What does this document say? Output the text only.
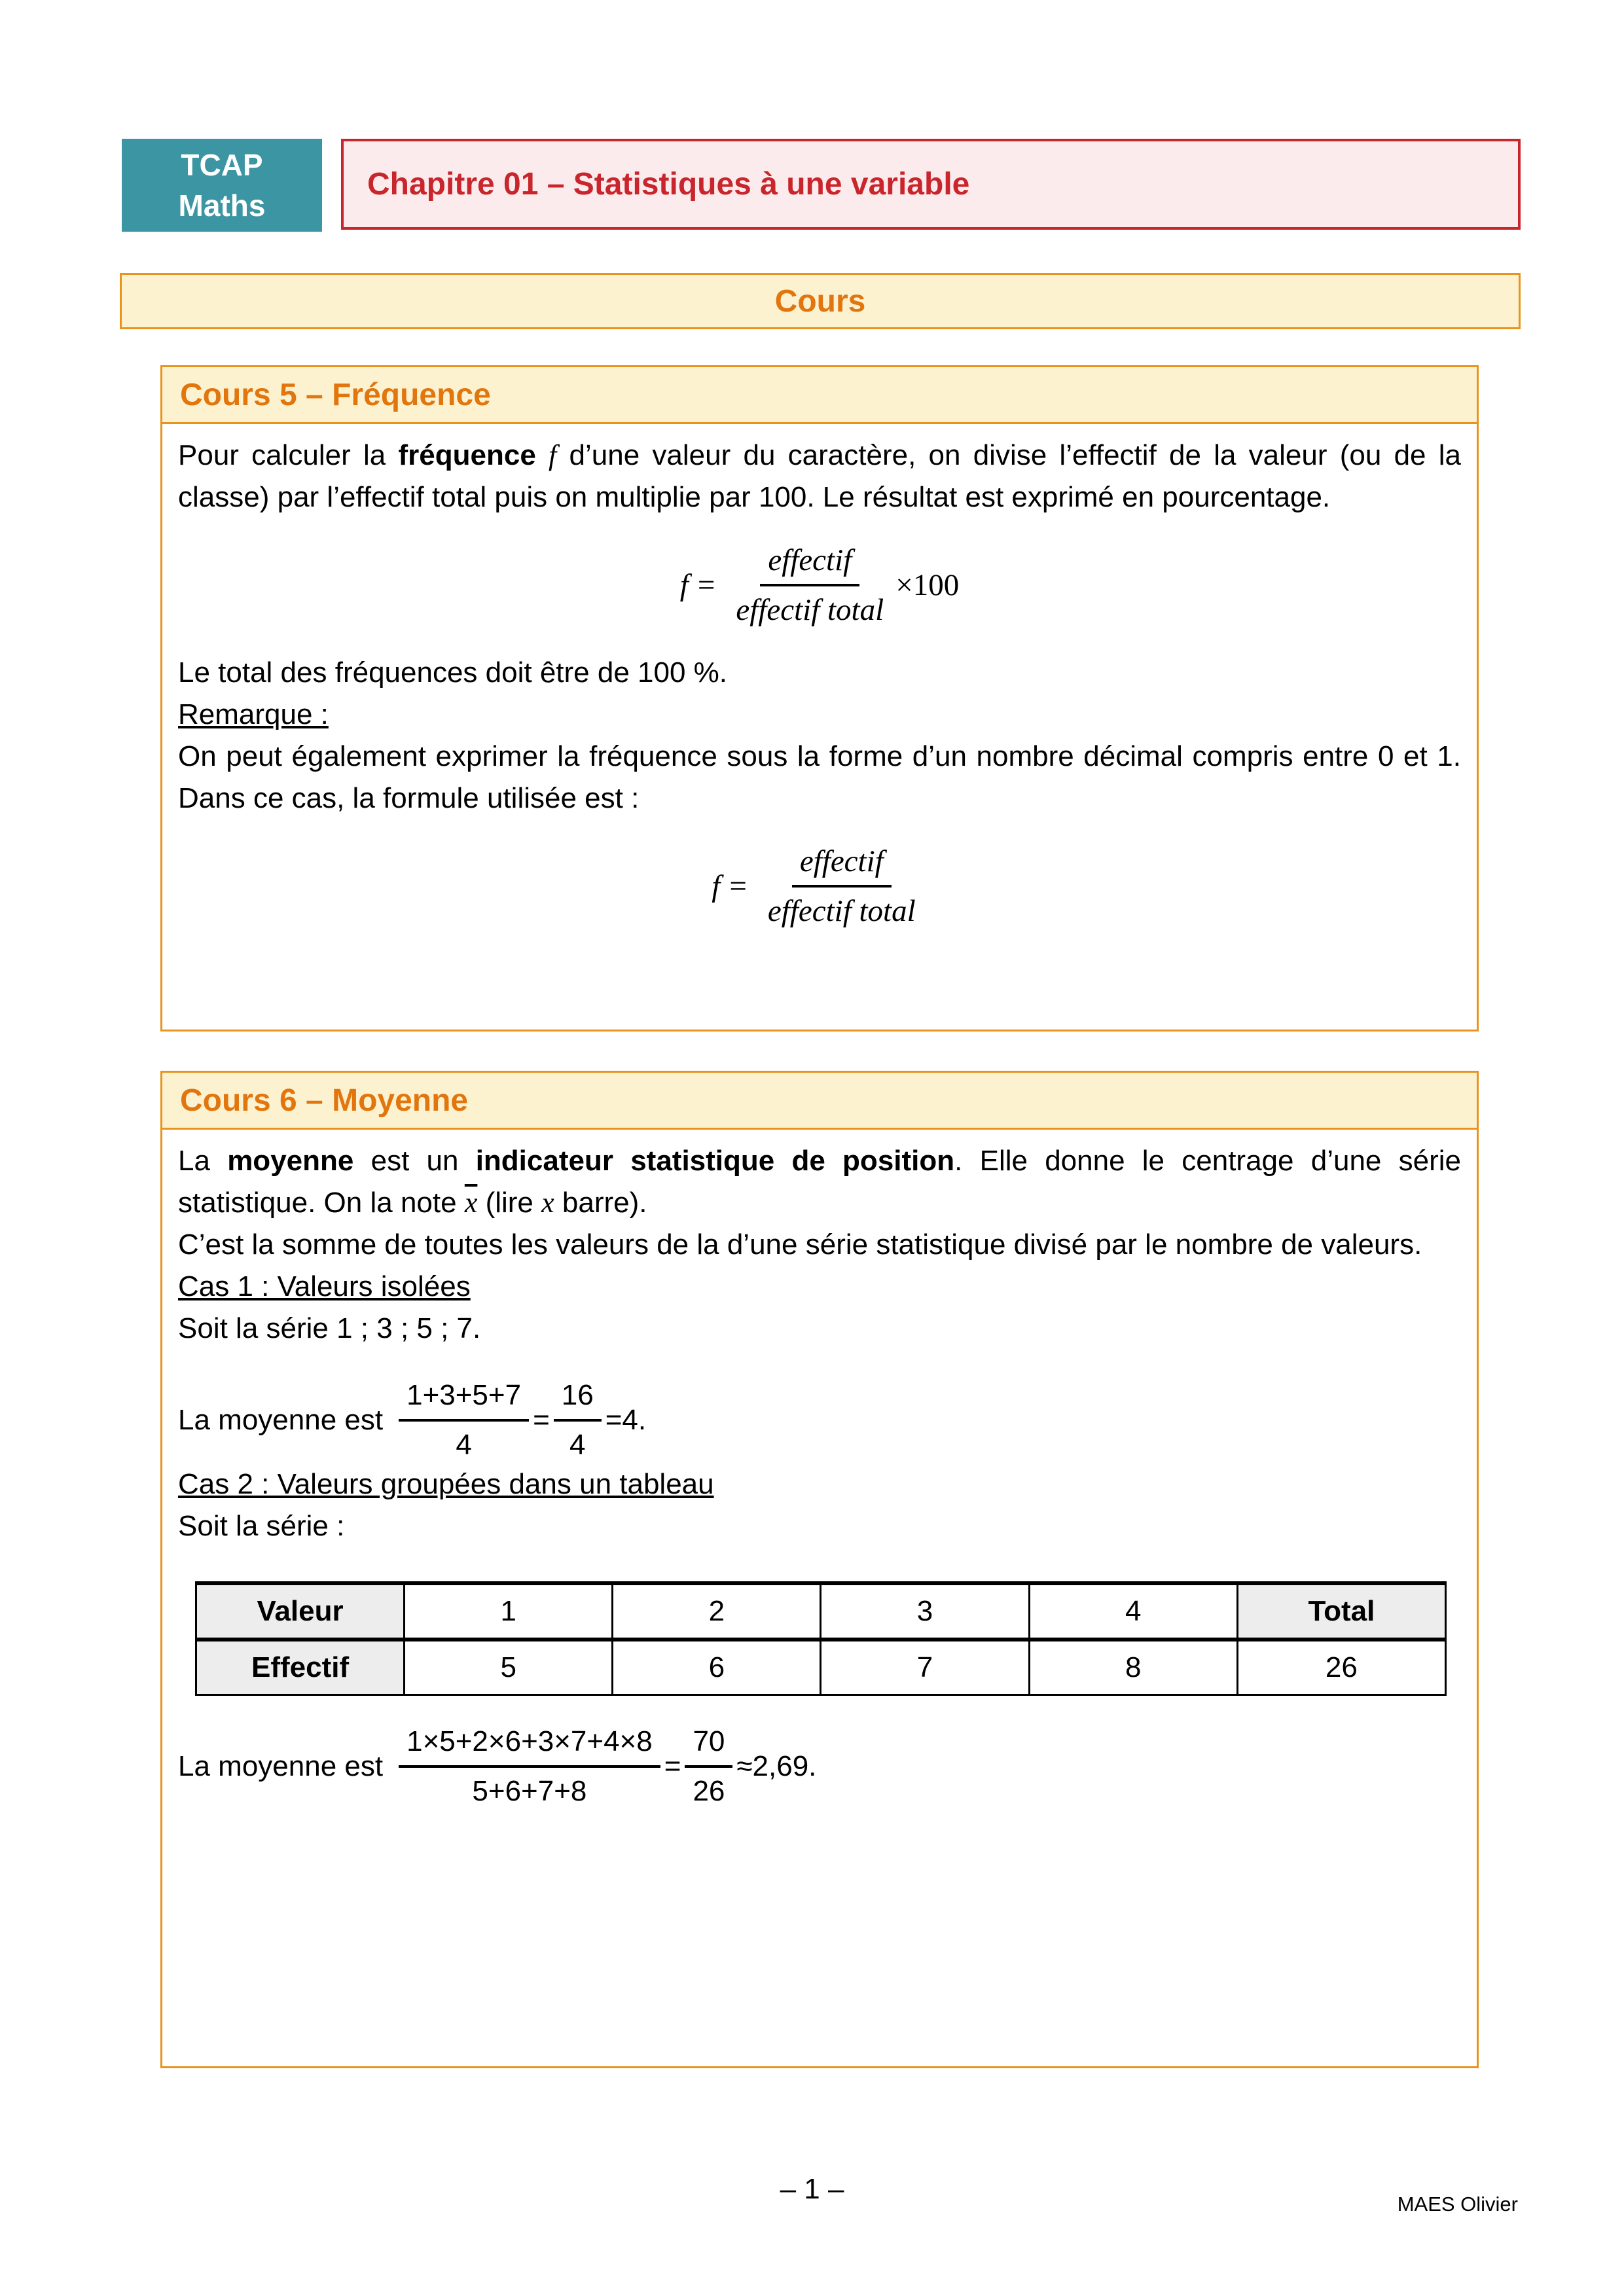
TCAP
Maths
Chapitre 01 – Statistiques à une variable
Cours
Cours 5 – Fréquence

Pour calculer la fréquence f d’une valeur du caractère, on divise l’effectif de la valeur (ou de la classe) par l’effectif total puis on multiplie par 100. Le résultat est exprimé en pourcentage.

$f = \frac{\text{effectif}}{\text{effectif total}} \times 100$

Le total des fréquences doit être de 100 %.

Remarque :

On peut également exprimer la fréquence sous la forme d’un nombre décimal compris entre 0 et 1. Dans ce cas, la formule utilisée est :

$f = \frac{\text{effectif}}{\text{effectif total}}$
Cours 6 – Moyenne

La moyenne est un indicateur statistique de position. Elle donne le centrage d’une série statistique. On la note $\overline{x}$ (lire x barre).

C’est la somme de toutes les valeurs de la d’une série statistique divisé par le nombre de valeurs.

Cas 1 : Valeurs isolées

Soit la série 1 ; 3 ; 5 ; 7.

La moyenne est $\frac{1+3+5+7}{4} = \frac{16}{4} = 4$.

Cas 2 : Valeurs groupées dans un tableau

Soit la série :

Valeur	1	2	3	4	Total
Effectif	5	6	7	8	26
La moyenne est $\frac{1\times 5+2\times 6+3\times 7+4\times 8}{5+6+7+8} = \frac{70}{26} \approx 2,69$.
– 1 –	MAES Olivier
